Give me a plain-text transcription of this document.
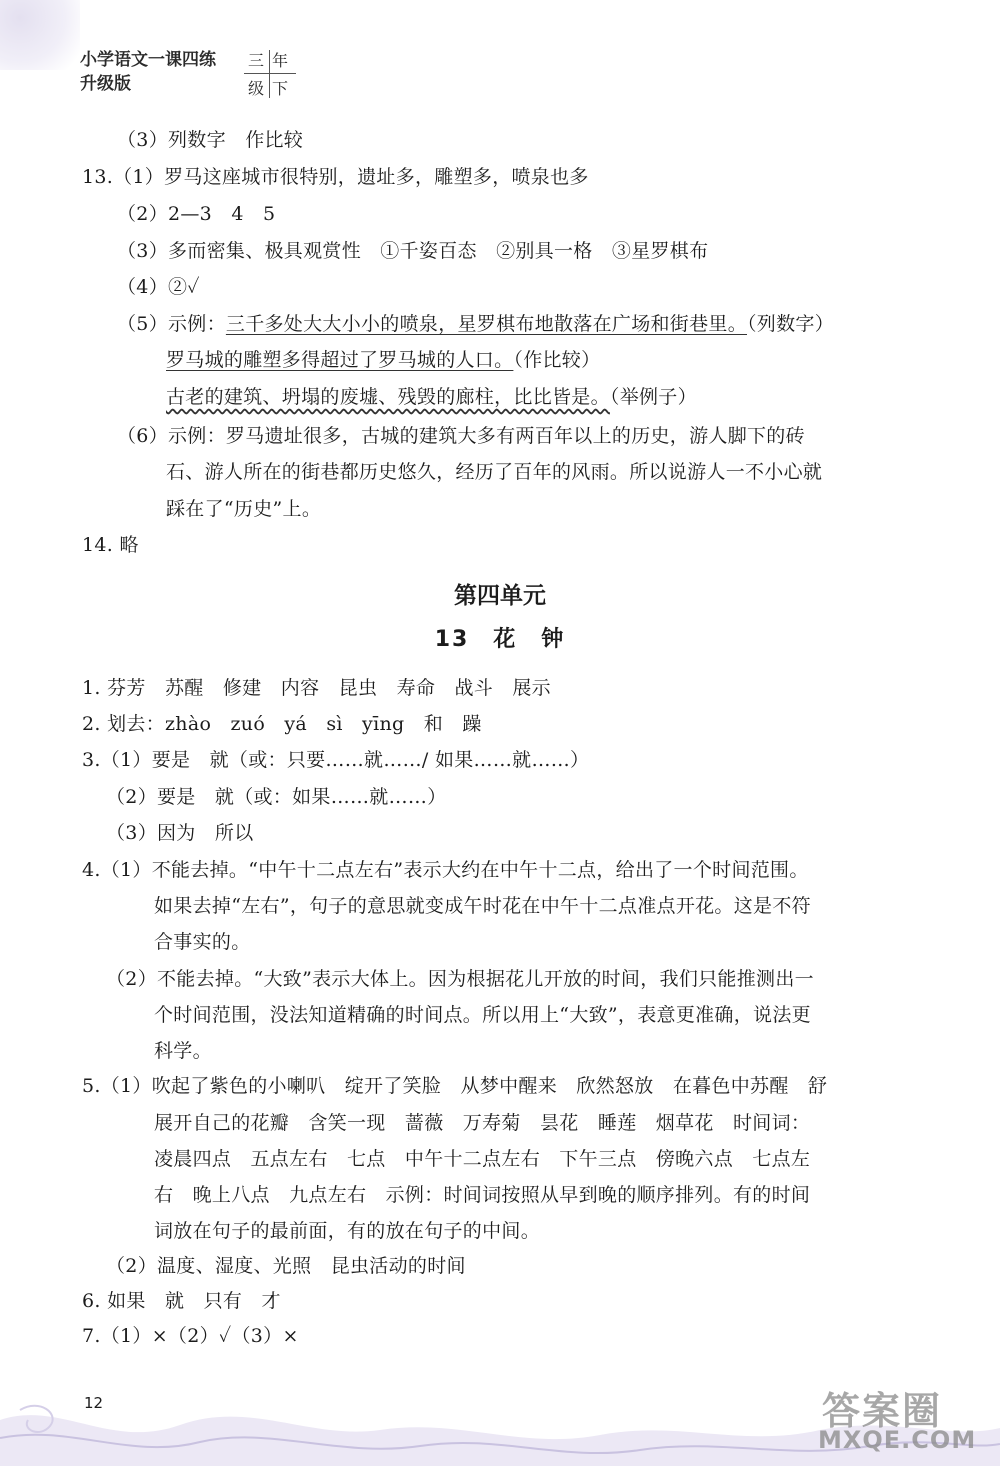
小学语文一课四练
升级版
三 年
级 下
（3）列数字　作比较
13.（1）罗马这座城市很特别，遗址多，雕塑多，喷泉也多
（2）2—3　4　5
（3）多而密集、极具观赏性　①千姿百态　②别具一格　③星罗棋布
（4）②✓
（5）示例：三千多处大大小小的喷泉，星罗棋布地散落在广场和街巷里。（列数字）
罗马城的雕塑多得超过了罗马城的人口。（作比较）
古老的建筑、坍塌的废墟、残毁的廊柱，比比皆是。（举例子）
（6）示例：罗马遗址很多，古城的建筑大多有两百年以上的历史，游人脚下的砖
石、游人所在的街巷都历史悠久，经历了百年的风雨。所以说游人一不小心就
踩在了“历史”上。
14. 略
第四单元
13　花　钟
1. 芬芳　苏醒　修建　内容　昆虫　寿命　战斗　展示
2. 划去：zhào　zuó　yá　sì　yīng　和　躁
3.（1）要是　就（或：只要……就……/ 如果……就……）
（2）要是　就（或：如果……就……）
（3）因为　所以
4.（1）不能去掉。“中午十二点左右”表示大约在中午十二点，给出了一个时间范围。
如果去掉“左右”，句子的意思就变成午时花在中午十二点准点开花。这是不符
合事实的。
（2）不能去掉。“大致”表示大体上。因为根据花儿开放的时间，我们只能推测出一
个时间范围，没法知道精确的时间点。所以用上“大致”，表意更准确，说法更
科学。
5.（1）吹起了紫色的小喇叭　绽开了笑脸　从梦中醒来　欣然怒放　在暮色中苏醒　舒
展开自己的花瓣　含笑一现　蔷薇　万寿菊　昙花　睡莲　烟草花　时间词：
凌晨四点　五点左右　七点　中午十二点左右　下午三点　傍晚六点　七点左
右　晚上八点　九点左右　示例：时间词按照从早到晚的顺序排列。有的时间
词放在句子的最前面，有的放在句子的中间。
（2）温度、湿度、光照　昆虫活动的时间
6. 如果　就　只有　才
7.（1）×（2）✓（3）×
12	答案圈
MXQE.COM
